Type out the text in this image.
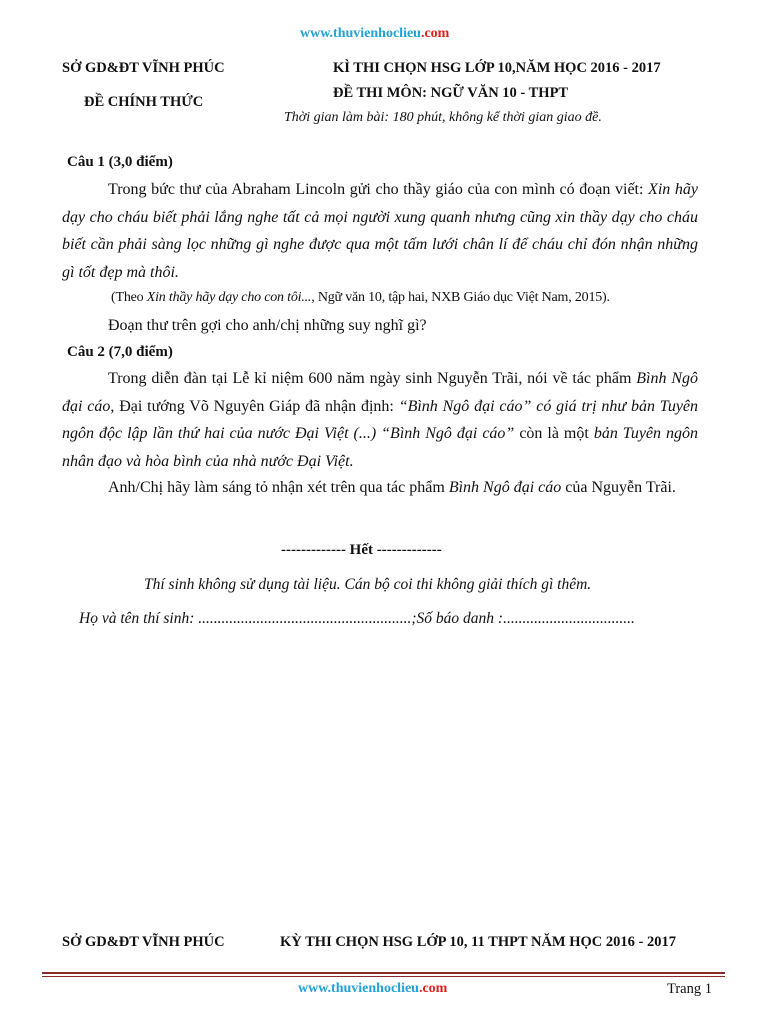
www.thuvienhoclieu.com
SỞ GD&ĐT VĨNH PHÚC
ĐỀ CHÍNH THỨC
KÌ THI CHỌN HSG LỚP 10,NĂM HỌC 2016 - 2017
ĐỀ THI MÔN: NGỮ VĂN 10 - THPT
Thời gian làm bài: 180 phút, không kể thời gian giao đề.
Câu 1 (3,0 điểm)
Trong bức thư của Abraham Lincoln gửi cho thầy giáo của con mình có đoạn viết: Xin hãy dạy cho cháu biết phải lắng nghe tất cả mọi người xung quanh nhưng cũng xin thầy dạy cho cháu biết cần phải sàng lọc những gì nghe được qua một tấm lưới chân lí để cháu chỉ đón nhận những gì tốt đẹp mà thôi.
(Theo Xin thầy hãy dạy cho con tôi..., Ngữ văn 10, tập hai, NXB Giáo dục Việt Nam, 2015).
Đoạn thư trên gợi cho anh/chị những suy nghĩ gì?
Câu 2 (7,0 điểm)
Trong diễn đàn tại Lễ kỉ niệm 600 năm ngày sinh Nguyễn Trãi, nói về tác phẩm Bình Ngô đại cáo, Đại tướng Võ Nguyên Giáp đã nhận định: “Bình Ngô đại cáo” có giá trị như bản Tuyên ngôn độc lập lần thứ hai của nước Đại Việt (...) “Bình Ngô đại cáo” còn là một bản Tuyên ngôn nhân đạo và hòa bình của nhà nước Đại Việt.
Anh/Chị hãy làm sáng tỏ nhận xét trên qua tác phẩm Bình Ngô đại cáo của Nguyễn Trãi.
------------- Hết -------------
Thí sinh không sử dụng tài liệu. Cán bộ coi thi không giải thích gì thêm.
Họ và tên thí sinh: .......................................................;Số báo danh :..................................
SỞ GD&ĐT VĨNH PHÚC	KỲ THI CHỌN HSG LỚP 10, 11 THPT NĂM HỌC 2016 - 2017
www.thuvienhoclieu.com	Trang 1
